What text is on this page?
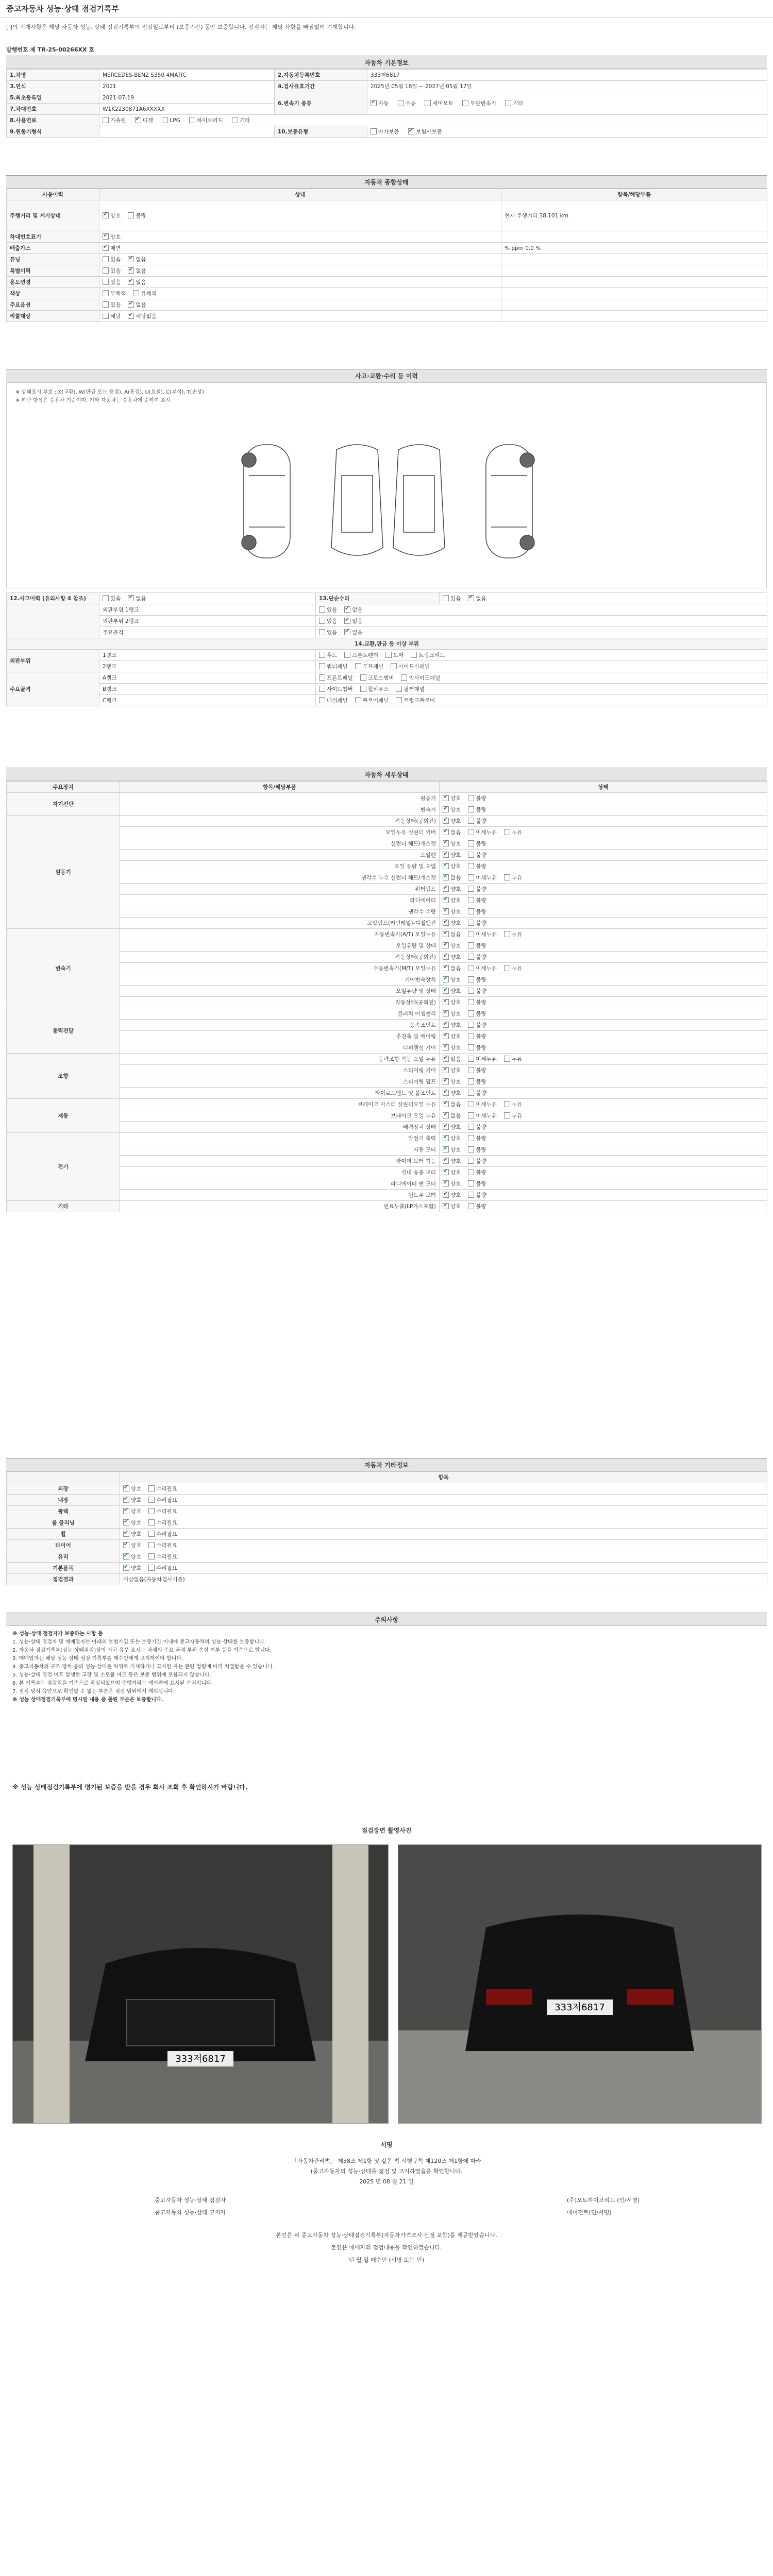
중고자동차 성능·상태 점검기록부
[ ]의 기재사항은 해당 자동차 성능, 상태 점검기록부의 점검일로부터 (보증기간) 동안 보증합니다. 점검자는 해당 사항을 빠짐없이 기재합니다.
발행번호 제 TR-25-00266XX 호
자동차 기본정보
1.차명	MERCEDES-BENZ S350 4MATIC	2.자동차등록번호	333저6817
3.연식	2021	4.검사유효기간	2025년 05월 18일 ~ 2027년 05월 17일
5.최초등록일	2021-07-19	6.변속기 종류	✔자동 수동 세미오토 무단변속기 기타
7.차대번호	W1K2230871A6XXXXX		
8.사용연료	가솔린 ✔ 디젤 LPG 하이브리드 기타
9.원동기형식		10.보증유형	자가보증 ✔ 보험사보증
자동차 종합상태
사용이력	상태	항목/해당부품
주행거리 및 계기상태	✔양호 불량	현재 주행거리 38,101 km
차대번호표기	✔양호	
배출가스	✔매연	% ppm 0.0 %
튜닝	있음 ✔ 없음	
특별이력	있음 ✔ 없음	
용도변경	있음 ✔ 없음	
색상	무채색 유채색	
주요옵션	있음 ✔ 없음	
리콜대상	해당 ✔ 해당없음	
사고·교환·수리 등 이력
※ 상태표시 부호 : X(교환), W(판금 또는 용접), A(흠집), U(요철), C(부식), T(손상)
※ 하단 항목은 승용차 기준이며, 기타 자동차는 승용차에 준하여 표시
12.사고이력 (유의사항 4 참조)	있음 ✔ 없음	13.단순수리	있음 ✔ 없음
	외판부위 1랭크	있음 ✔ 없음
	외판부위 2랭크	있음 ✔ 없음
	주요골격	있음 ✔ 없음
14.교환,판금 등 이상 부위			
외판부위	1랭크	후드 프론트펜더 도어 트렁크리드	
	2랭크	쿼터패널 루프패널 사이드실패널	
주요골격	A랭크	프론트패널 크로스멤버 인사이드패널	
	B랭크	사이드멤버 휠하우스 필러패널	
	C랭크	대쉬패널 플로어패널 트렁크플로어	
자동차 세부상태
주요장치	항목/해당부품	상태
자기진단	원동기	✔양호 불량
	변속기	✔양호 불량
원동기	작동상태(공회전)	✔양호 불량
	오일누유 실린더 커버	✔없음 미세누유 누유
	실린더 헤드/개스켓	✔양호 불량
	오일팬	✔양호 불량
	오일 유량 및 오염	✔양호 불량
	냉각수 누수 실린더 헤드/개스켓	✔없음 미세누유 누유
	워터펌프	✔양호 불량
	라디에이터	✔양호 불량
	냉각수 수량	✔양호 불량
	고압펌프(커먼레일)-디젤엔진	✔양호 불량
변속기	자동변속기(A/T) 오일누유	✔없음 미세누유 누유
	오일유량 및 상태	✔양호 불량
	작동상태(공회전)	✔양호 불량
	수동변속기(M/T) 오일누유	✔없음 미세누유 누유
	기어변속장치	✔양호 불량
	오일유량 및 상태	✔양호 불량
	작동상태(공회전)	✔양호 불량
동력전달	클러치 어셈블리	✔양호 불량
	등속조인트	✔양호 불량
	추진축 및 베어링	✔양호 불량
	디퍼렌셜 기어	✔양호 불량
조향	동력조향 작동 오일 누유	✔없음 미세누유 누유
	스티어링 기어	✔양호 불량
	스티어링 펌프	✔양호 불량
	타이로드엔드 및 볼조인트	✔양호 불량
제동	브레이크 마스터 실린더오일 누유	✔없음 미세누유 누유
	브레이크 오일 누유	✔없음 미세누유 누유
	배력장치 상태	✔양호 불량
전기	발전기 출력	✔양호 불량
	시동 모터	✔양호 불량
	와이퍼 모터 기능	✔양호 불량
	실내 송풍 모터	✔양호 불량
	라디에이터 팬 모터	✔양호 불량
	윈도우 모터	✔양호 불량
기타	연료누출(LP가스포함)	✔양호 불량
자동차 기타정보
	항목
외장	✔양호 수리필요
내장	✔양호 수리필요
광택	✔양호 수리필요
룸 클리닝	✔양호 수리필요
휠	✔양호 수리필요
타이어	✔양호 수리필요
유리	✔양호 수리필요
기본품목	✔양호 수리필요
점검결과	이상없음(자동차검사기준)
주의사항

※ 성능·상태 점검자가 보증하는 사항 등

1. 성능·상태 점검자 및 매매업자는 아래의 보험가입 또는 보증기간 이내에 중고자동차의 성능·상태를 보증합니다.

2. 자동차 점검기록부(성능·상태점검)상의 사고 유무 표시는 차체의 주요 골격 부위 손상 여부 등을 기준으로 합니다.

3. 매매업자는 해당 성능·상태 점검 기록부를 매수인에게 고지하여야 합니다.

4. 중고자동차의 구조·장치 등의 성능·상태를 허위로 기재하거나 고지한 자는 관련 법령에 따라 처벌받을 수 있습니다.

5. 성능·상태 점검 이후 발생한 고장 및 소모품 마모 등은 보증 범위에 포함되지 않습니다.

6. 본 기록부는 점검일을 기준으로 작성되었으며 주행거리는 계기판에 표시된 수치입니다.

7. 점검 당시 육안으로 확인할 수 없는 부분은 점검 범위에서 제외됩니다.

※ 성능 상태점검기록부에 명시된 내용 중 틀린 부분은 보증합니다.

※ 성능 상태점검기록부에 명기된 보증을 받을 경우 회사 조회 후 확인하시기 바랍니다.
점검장면 촬영사진
333저6817
333저6817
서명

「자동차관리법」 제58조 제1항 및 같은 법 시행규칙 제120조 제1항에 따라

(중고자동차의 성능·상태를 점검 및 고지하였음을 확인합니다.

2025 년 08 월 21 일

중고자동차 성능·상태 점검자	(주)오토하이브리드 (인/서명)
중고자동차 성능·상태 고지자	에이전트(인/서명)
본인은 위 중고자동차 성능·상태점검기록부(자동차가격조사·산정 포함)를 제공받았습니다.
본인은 매매자의 점검내용을 확인하였습니다.
년 월 일 매수인 (서명 또는 인)
